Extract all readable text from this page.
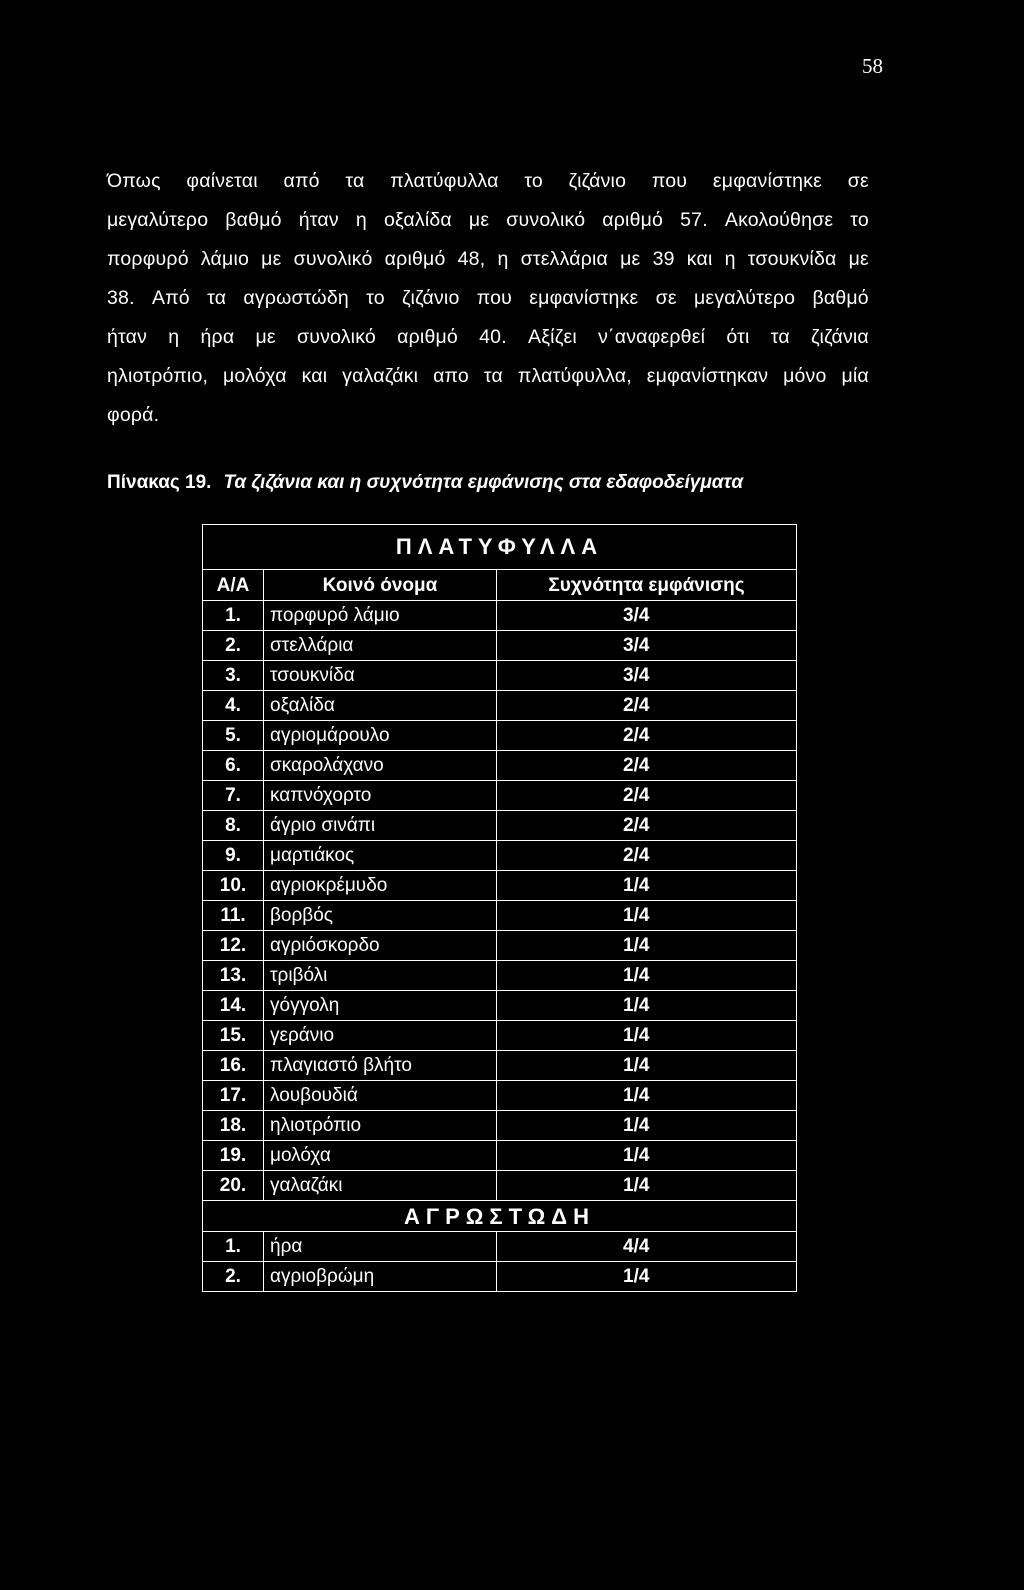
58
Όπως φαίνεται από τα πλατύφυλλα το ζιζάνιο που εμφανίστηκε σε
μεγαλύτερο βαθμό ήταν η οξαλίδα με συνολικό αριθμό 57. Ακολούθησε το
πορφυρό λάμιο με συνολικό αριθμό 48, η στελλάρια με 39 και η τσουκνίδα με
38. Από τα αγρωστώδη το ζιζάνιο που εμφανίστηκε σε μεγαλύτερο βαθμό
ήταν η ήρα με συνολικό αριθμό 40. Αξίζει ν΄αναφερθεί ότι τα ζιζάνια
ηλιοτρόπιο, μολόχα και γαλαζάκι απο τα πλατύφυλλα, εμφανίστηκαν μόνο μία
φορά.
Πίνακας 19. Τα ζιζάνια και η συχνότητα εμφάνισης στα εδαφοδείγματα
ΠΛΑΤΥΦΥΛΛΑ		
Α/Α	Κοινό όνομα	Συχνότητα εμφάνισης
1.	πορφυρό λάμιο	3/4
2.	στελλάρια	3/4
3.	τσουκνίδα	3/4
4.	οξαλίδα	2/4
5.	αγριομάρουλο	2/4
6.	σκαρολάχανο	2/4
7.	καπνόχορτο	2/4
8.	άγριο σινάπι	2/4
9.	μαρτιάκος	2/4
10.	αγριοκρέμυδο	1/4
11.	βορβός	1/4
12.	αγριόσκορδο	1/4
13.	τριβόλι	1/4
14.	γόγγολη	1/4
15.	γεράνιο	1/4
16.	πλαγιαστό βλήτο	1/4
17.	λουβουδιά	1/4
18.	ηλιοτρόπιο	1/4
19.	μολόχα	1/4
20.	γαλαζάκι	1/4
ΑΓΡΩΣΤΩΔΗ		
1.	ήρα	4/4
2.	αγριοβρώμη	1/4
